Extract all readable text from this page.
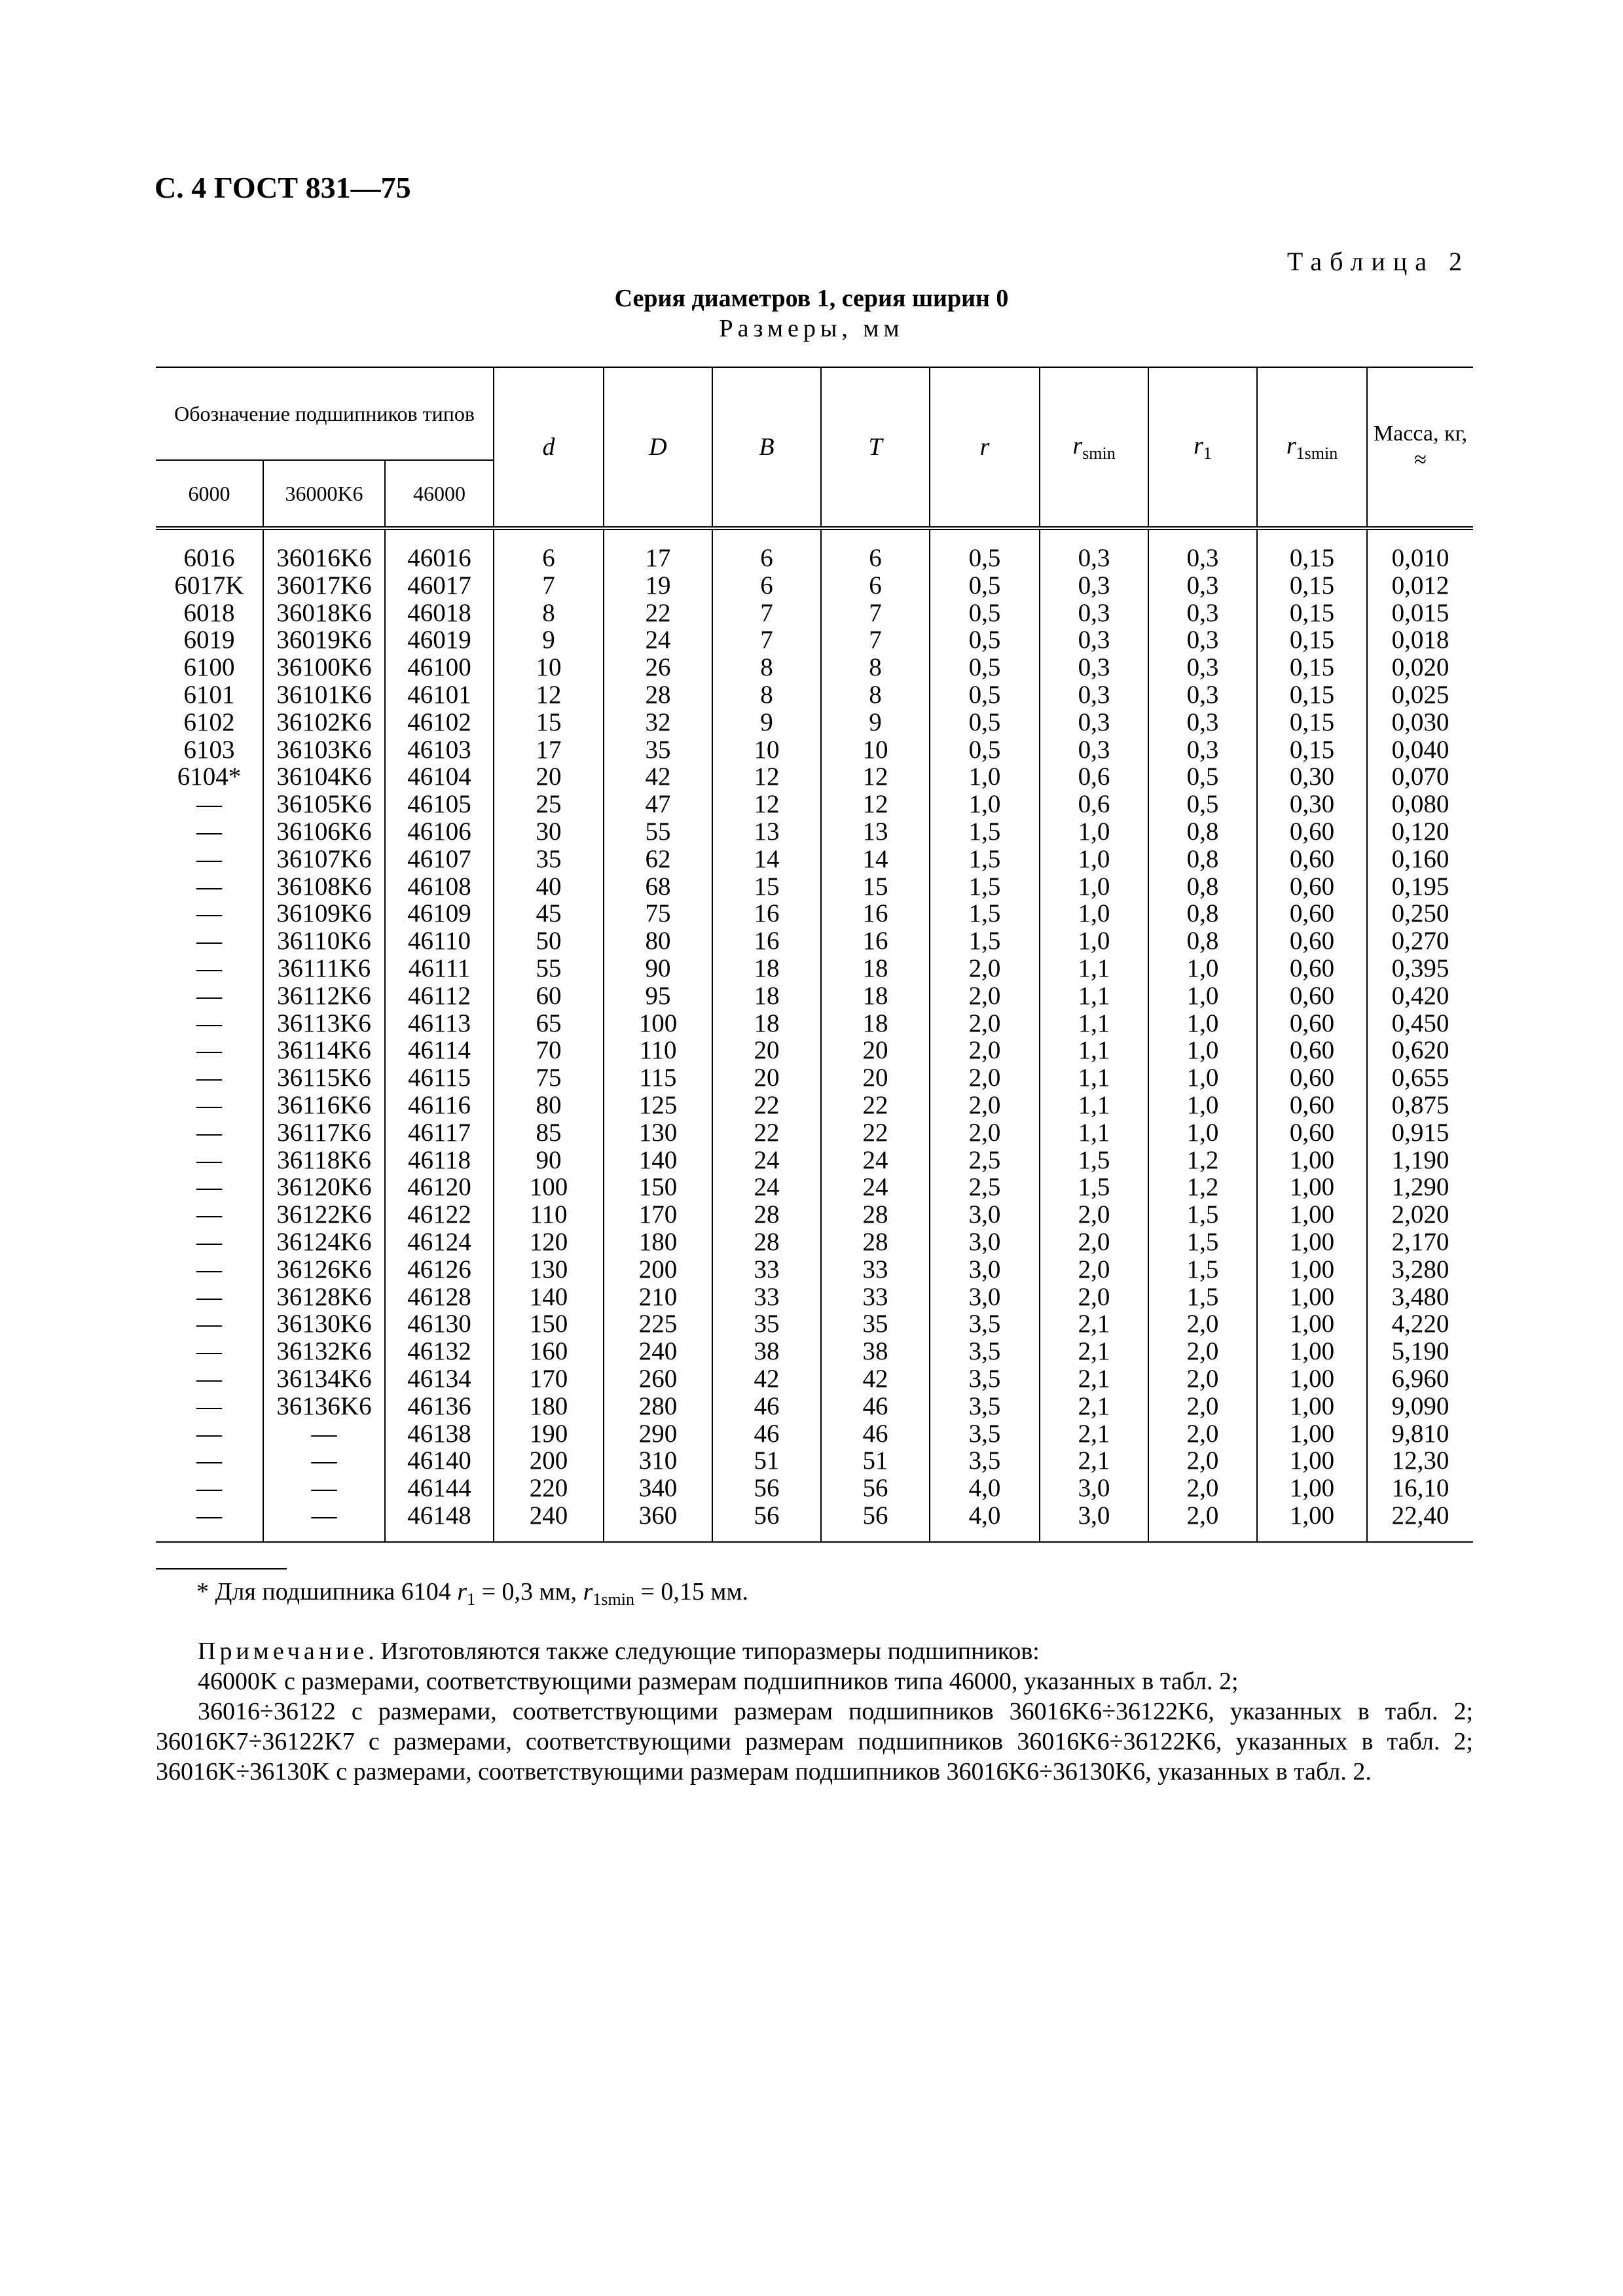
С. 4 ГОСТ 831—75
Таблица 2
Серия диаметров 1, серия ширин 0
Размеры, мм
Обозначение подшипников типов			d	D	B	T	r	$r_{smin}$	$r_1$	$r_{1smin}$	Масса, кг, ≈
6000	36000K6	46000									
6016	36016K6	46016	6	17	6	6	0,5	0,3	0,3	0,15	0,010
6017K	36017K6	46017	7	19	6	6	0,5	0,3	0,3	0,15	0,012
6018	36018K6	46018	8	22	7	7	0,5	0,3	0,3	0,15	0,015
6019	36019K6	46019	9	24	7	7	0,5	0,3	0,3	0,15	0,018
6100	36100K6	46100	10	26	8	8	0,5	0,3	0,3	0,15	0,020
6101	36101K6	46101	12	28	8	8	0,5	0,3	0,3	0,15	0,025
6102	36102K6	46102	15	32	9	9	0,5	0,3	0,3	0,15	0,030
6103	36103K6	46103	17	35	10	10	0,5	0,3	0,3	0,15	0,040
6104*	36104K6	46104	20	42	12	12	1,0	0,6	0,5	0,30	0,070
—	36105K6	46105	25	47	12	12	1,0	0,6	0,5	0,30	0,080
—	36106K6	46106	30	55	13	13	1,5	1,0	0,8	0,60	0,120
—	36107K6	46107	35	62	14	14	1,5	1,0	0,8	0,60	0,160
—	36108K6	46108	40	68	15	15	1,5	1,0	0,8	0,60	0,195
—	36109K6	46109	45	75	16	16	1,5	1,0	0,8	0,60	0,250
—	36110K6	46110	50	80	16	16	1,5	1,0	0,8	0,60	0,270
—	36111K6	46111	55	90	18	18	2,0	1,1	1,0	0,60	0,395
—	36112K6	46112	60	95	18	18	2,0	1,1	1,0	0,60	0,420
—	36113K6	46113	65	100	18	18	2,0	1,1	1,0	0,60	0,450
—	36114K6	46114	70	110	20	20	2,0	1,1	1,0	0,60	0,620
—	36115K6	46115	75	115	20	20	2,0	1,1	1,0	0,60	0,655
—	36116K6	46116	80	125	22	22	2,0	1,1	1,0	0,60	0,875
—	36117K6	46117	85	130	22	22	2,0	1,1	1,0	0,60	0,915
—	36118K6	46118	90	140	24	24	2,5	1,5	1,2	1,00	1,190
—	36120K6	46120	100	150	24	24	2,5	1,5	1,2	1,00	1,290
—	36122K6	46122	110	170	28	28	3,0	2,0	1,5	1,00	2,020
—	36124K6	46124	120	180	28	28	3,0	2,0	1,5	1,00	2,170
—	36126K6	46126	130	200	33	33	3,0	2,0	1,5	1,00	3,280
—	36128K6	46128	140	210	33	33	3,0	2,0	1,5	1,00	3,480
—	36130K6	46130	150	225	35	35	3,5	2,1	2,0	1,00	4,220
—	36132K6	46132	160	240	38	38	3,5	2,1	2,0	1,00	5,190
—	36134K6	46134	170	260	42	42	3,5	2,1	2,0	1,00	6,960
—	36136K6	46136	180	280	46	46	3,5	2,1	2,0	1,00	9,090
—	—	46138	190	290	46	46	3,5	2,1	2,0	1,00	9,810
—	—	46140	200	310	51	51	3,5	2,1	2,0	1,00	12,30
—	—	46144	220	340	56	56	4,0	3,0	2,0	1,00	16,10
—	—	46148	240	360	56	56	4,0	3,0	2,0	1,00	22,40
* Для подшипника 6104 $r_1 = 0,3$ мм, $r_{1smin} = 0,15$ мм.

Примечание. Изготовляются также следующие типоразмеры подшипников:

46000K с размерами, соответствующими размерам подшипников типа 46000, указанных в табл. 2;

36016÷36122 с размерами, соответствующими размерам подшипников 36016K6÷36122K6, указанных в табл. 2; 36016K7÷36122K7 с размерами, соответствующими размерам подшипников 36016K6÷36122K6, указанных в табл. 2; 36016K÷36130K с размерами, соответствующими размерам подшипников 36016K6÷36130K6, указанных в табл. 2.
